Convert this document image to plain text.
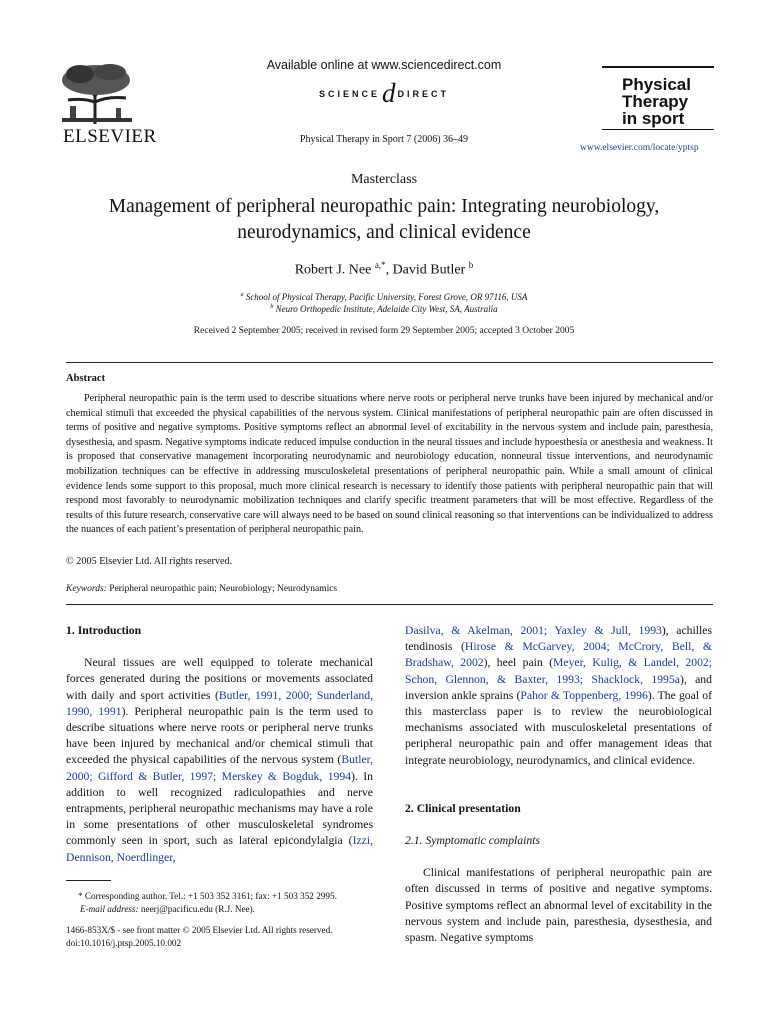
ELSEVIER
Available online at www.sciencedirect.com
SCIENCEd DIRECT
Physical Therapy in Sport 7 (2006) 36–49
Physical
Therapy
in sport
www.elsevier.com/locate/yptsp
Masterclass
Management of peripheral neuropathic pain: Integrating neurobiology, neurodynamics, and clinical evidence
Robert J. Nee $^{a,*}$, David Butler $^b$
$^a$ School of Physical Therapy, Pacific University, Forest Grove, OR 97116, USA
$^b$ Neuro Orthopedic Institute, Adelaide City West, SA, Australia
Received 2 September 2005; received in revised form 29 September 2005; accepted 3 October 2005
Abstract
Peripheral neuropathic pain is the term used to describe situations where nerve roots or peripheral nerve trunks have been injured by mechanical and/or chemical stimuli that exceeded the physical capabilities of the nervous system. Clinical manifestations of peripheral neuropathic pain are often discussed in terms of positive and negative symptoms. Positive symptoms reflect an abnormal level of excitability in the nervous system and include pain, paresthesia, dysesthesia, and spasm. Negative symptoms indicate reduced impulse conduction in the neural tissues and include hypoesthesia or anesthesia and weakness. It is proposed that conservative management incorporating neurodynamic and neurobiology education, nonneural tissue interventions, and neurodynamic mobilization techniques can be effective in addressing musculoskeletal presentations of peripheral neuropathic pain. While a small amount of clinical evidence lends some support to this proposal, much more clinical research is necessary to identify those patients with peripheral neuropathic pain that will respond most favorably to neurodynamic mobilization techniques and clarify specific treatment parameters that will be most effective. Regardless of the results of this future research, conservative care will always need to be based on sound clinical reasoning so that interventions can be individualized to address the nuances of each patient’s presentation of peripheral neuropathic pain.
© 2005 Elsevier Ltd. All rights reserved.
Keywords: Peripheral neuropathic pain; Neurobiology; Neurodynamics
1. Introduction

Neural tissues are well equipped to tolerate mechanical forces generated during the positions or movements associated with daily and sport activities (Butler, 1991, 2000; Sunderland, 1990, 1991). Peripheral neuropathic pain is the term used to describe situations where nerve roots or peripheral nerve trunks have been injured by mechanical and/or chemical stimuli that exceeded the physical capabilities of the nervous system (Butler, 2000; Gifford & Butler, 1997; Merskey & Bogduk, 1994). In addition to well recognized radiculopathies and nerve entrapments, peripheral neuropathic mechanisms may have a role in some presentations of other musculoskeletal syndromes commonly seen in sport, such as lateral epicondylalgia (Izzi, Dennison, Noerdlinger,

* Corresponding author. Tel.: +1 503 352 3161; fax: +1 503 352 2995.
E-mail address: neerj@pacificu.edu (R.J. Nee).
1466-853X/$ - see front matter © 2005 Elsevier Ltd. All rights reserved.
doi:10.1016/j.ptsp.2005.10.002

Dasilva, & Akelman, 2001; Yaxley & Jull, 1993), achilles tendinosis (Hirose & McGarvey, 2004; McCrory, Bell, & Bradshaw, 2002), heel pain (Meyer, Kulig, & Landel, 2002; Schon, Glennon, & Baxter, 1993; Shacklock, 1995a), and inversion ankle sprains (Pahor & Toppenberg, 1996). The goal of this masterclass paper is to review the neurobiological mechanisms associated with musculoskeletal presentations of peripheral neuropathic pain and offer management ideas that integrate neurobiology, neurodynamics, and clinical evidence.

2. Clinical presentation
2.1. Symptomatic complaints

Clinical manifestations of peripheral neuropathic pain are often discussed in terms of positive and negative symptoms. Positive symptoms reflect an abnormal level of excitability in the nervous system and include pain, paresthesia, dysesthesia, and spasm. Negative symptoms
